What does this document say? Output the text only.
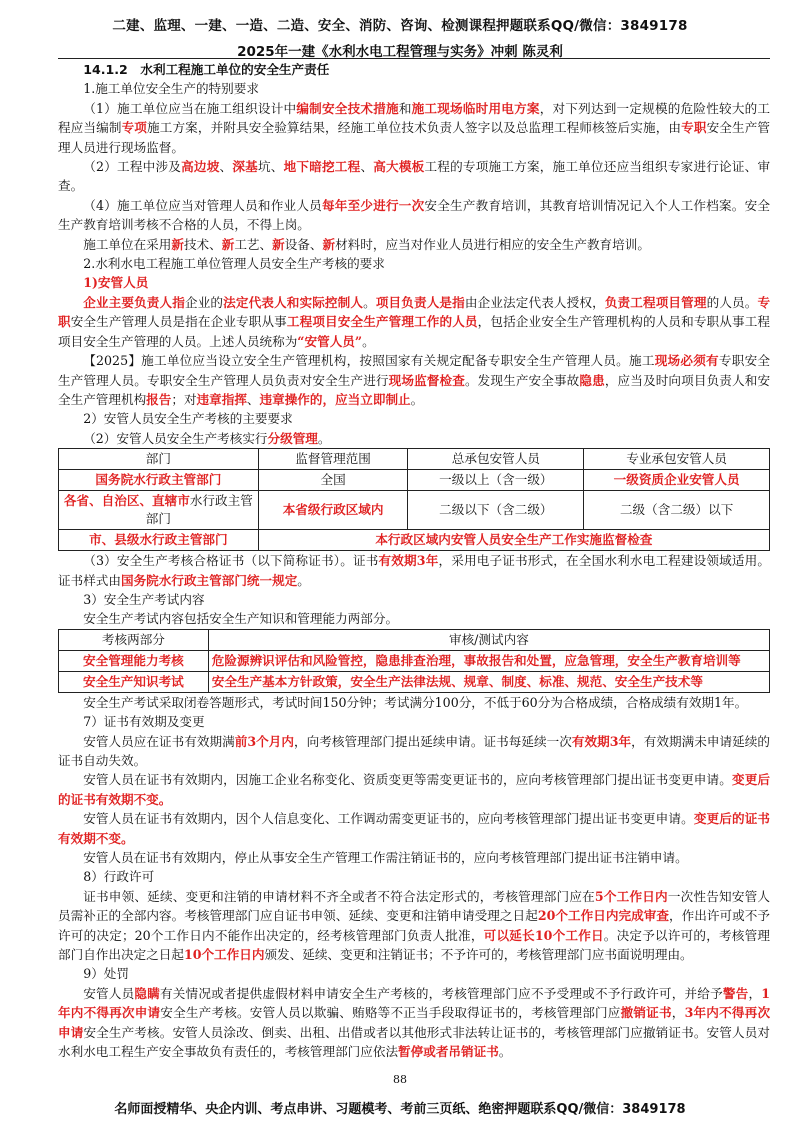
二建、监理、一建、一造、二造、安全、消防、咨询、检测课程押题联系QQ/微信：3849178
2025年一建《水利水电工程管理与实务》冲刺 陈灵利

14.1.2　水利工程施工单位的安全生产责任

1.施工单位安全生产的特别要求

（1）施工单位应当在施工组织设计中编制安全技术措施和施工现场临时用电方案，对下列达到一定规模的危险性较大的工程应当编制专项施工方案，并附具安全验算结果，经施工单位技术负责人签字以及总监理工程师核签后实施，由专职安全生产管理人员进行现场监督。

（2）工程中涉及高边坡、深基坑、地下暗挖工程、高大模板工程的专项施工方案，施工单位还应当组织专家进行论证、审查。

（4）施工单位应当对管理人员和作业人员每年至少进行一次安全生产教育培训，其教育培训情况记入个人工作档案。安全生产教育培训考核不合格的人员，不得上岗。

施工单位在采用新技术、新工艺、新设备、新材料时，应当对作业人员进行相应的安全生产教育培训。

2.水利水电工程施工单位管理人员安全生产考核的要求

1)安管人员

企业主要负责人指企业的法定代表人和实际控制人。项目负责人是指由企业法定代表人授权，负责工程项目管理的人员。专职安全生产管理人员是指在企业专职从事工程项目安全生产管理工作的人员，包括企业安全生产管理机构的人员和专职从事工程项目安全生产管理的人员。上述人员统称为“安管人员”。

【2025】施工单位应当设立安全生产管理机构，按照国家有关规定配备专职安全生产管理人员。施工现场必须有专职安全生产管理人员。专职安全生产管理人员负责对安全生产进行现场监督检查。发现生产安全事故隐患，应当及时向项目负责人和安全生产管理机构报告；对违章指挥、违章操作的，应当立即制止。

2）安管人员安全生产考核的主要要求

（2）安管人员安全生产考核实行分级管理。

部门	监督管理范围	总承包安管人员	专业承包安管人员
国务院水行政主管部门	全国	一级以上（含一级）	一级资质企业安管人员
各省、自治区、直辖市水行政主管部门	本省级行政区域内	二级以下（含二级）	二级（含二级）以下
市、县级水行政主管部门	本行政区域内安管人员安全生产工作实施监督检查		

（3）安全生产考核合格证书（以下简称证书）。证书有效期3年，采用电子证书形式，在全国水利水电工程建设领域适用。证书样式由国务院水行政主管部门统一规定。

3）安全生产考试内容

安全生产考试内容包括安全生产知识和管理能力两部分。

考核两部分	审核/测试内容
安全管理能力考核	危险源辨识评估和风险管控，隐患排查治理，事故报告和处置，应急管理，安全生产教育培训等
安全生产知识考试	安全生产基本方针政策，安全生产法律法规、规章、制度、标准、规范、安全生产技术等

安全生产考试采取闭卷答题形式，考试时间150分钟；考试满分100分，不低于60分为合格成绩，合格成绩有效期1年。

7）证书有效期及变更

安管人员应在证书有效期满前3个月内，向考核管理部门提出延续申请。证书每延续一次有效期3年，有效期满未申请延续的证书自动失效。

安管人员在证书有效期内，因施工企业名称变化、资质变更等需变更证书的，应向考核管理部门提出证书变更申请。变更后的证书有效期不变。

安管人员在证书有效期内，因个人信息变化、工作调动需变更证书的，应向考核管理部门提出证书变更申请。变更后的证书有效期不变。

安管人员在证书有效期内，停止从事安全生产管理工作需注销证书的，应向考核管理部门提出证书注销申请。

8）行政许可

证书申领、延续、变更和注销的申请材料不齐全或者不符合法定形式的，考核管理部门应在5个工作日内一次性告知安管人员需补正的全部内容。考核管理部门应自证书申领、延续、变更和注销申请受理之日起20个工作日内完成审查，作出许可或不予许可的决定；20个工作日内不能作出决定的，经考核管理部门负责人批准，可以延长10个工作日。决定予以许可的，考核管理部门自作出决定之日起10个工作日内颁发、延续、变更和注销证书；不予许可的，考核管理部门应书面说明理由。

9）处罚

安管人员隐瞒有关情况或者提供虚假材料申请安全生产考核的，考核管理部门应不予受理或不予行政许可，并给予警告，1年内不得再次申请安全生产考核。安管人员以欺骗、贿赂等不正当手段取得证书的，考核管理部门应撤销证书，3年内不得再次申请安全生产考核。安管人员涂改、倒卖、出租、出借或者以其他形式非法转让证书的，考核管理部门应撤销证书。安管人员对水利水电工程生产安全事故负有责任的，考核管理部门应依法暂停或者吊销证书。

88
名师面授精华、央企内训、考点串讲、习题模考、考前三页纸、绝密押题联系QQ/微信：3849178
